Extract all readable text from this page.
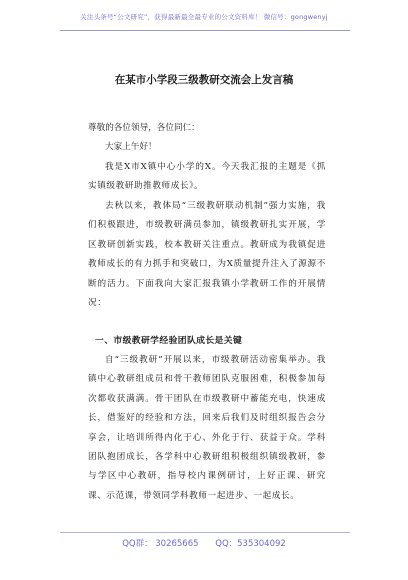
关注头条号“公文研究”，获得最新最全最专业的公文资料库！ 微信号：gongwenyj
在某市小学段三级教研交流会上发言稿
尊敬的各位领导，各位同仁：
大家上午好！
我是X市X镇中心小学的X。今天我汇报的主题是《抓实镇级教研助推教师成长》。
去秋以来，教体局“三级教研联动机制”强力实施，我们积极跟进，市级教研满员参加，镇级教研扎实开展，学区教研创新实践，校本教研关注重点。教研成为我镇促进教师成长的有力抓手和突破口，为X质量提升注入了源源不断的活力。下面我向大家汇报我镇小学教研工作的开展情况：
一、市级教研学经验团队成长是关键
自“三级教研”开展以来，市级教研活动密集举办。我镇中心教研组成员和骨干教师团队克服困难，积极参加每次都收获满满。骨干团队在市级教研中蓄能充电，快速成长，借鉴好的经验和方法，回来后我们及时组织报告会分享会，让培训所得内化于心、外化于行、获益于众。学科团队抱团成长，各学科中心教研组积极组织镇级教研，参与学区中心教研，指导校内课例研讨，上好正课、研究课、示范课，带领同学科教师一起进步、一起成长。
QQ群： 30265665 QQ：535304092
